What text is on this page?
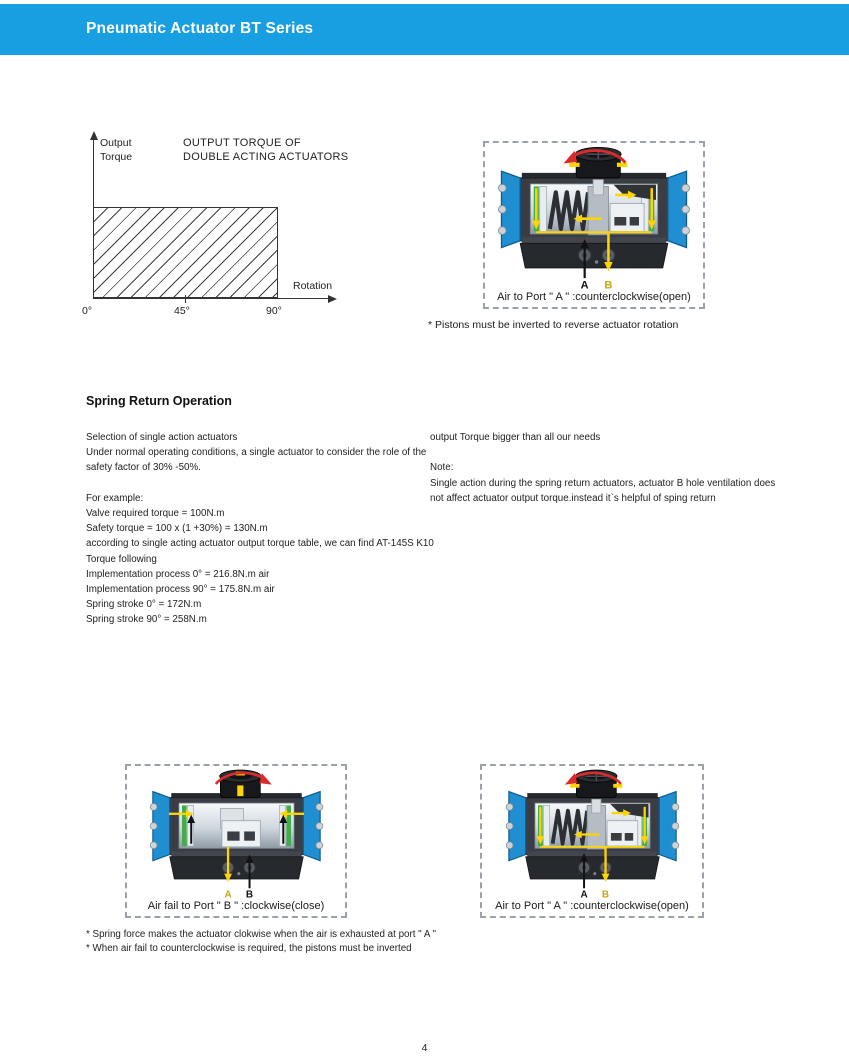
Pneumatic Actuator BT Series
Output
Torque
OUTPUT TORQUE OF
DOUBLE ACTING ACTUATORS
Rotation
0°	45°	90°
A B
Air to Port " A " :counterclockwise(open)

* Pistons must be inverted to reverse actuator rotation

Spring Return Operation
Selection of single action actuators
Under normal operating conditions, a single actuator to consider the role of the
safety factor of 30% -50%.

For example:
Valve required torque = 100N.m
Safety torque = 100 x (1 +30%) = 130N.m
according to single acting actuator output torque table, we can find AT-145S K10
Torque following
Implementation process 0° = 216.8N.m air
Implementation process 90° = 175.8N.m air
Spring stroke 0° = 172N.m
Spring stroke 90° = 258N.m
output Torque bigger than all our needs

Note:
Single action during the spring return actuators, actuator B hole ventilation does
not affect actuator output torque.instead it`s helpful of sping return
A B
Air fail to Port " B " :clockwise(close)
A B
Air to Port " A " :counterclockwise(open)
* Spring force makes the actuator clokwise when the air is exhausted at port " A "
* When air fail to counterclockwise is required, the pistons must be inverted
4
